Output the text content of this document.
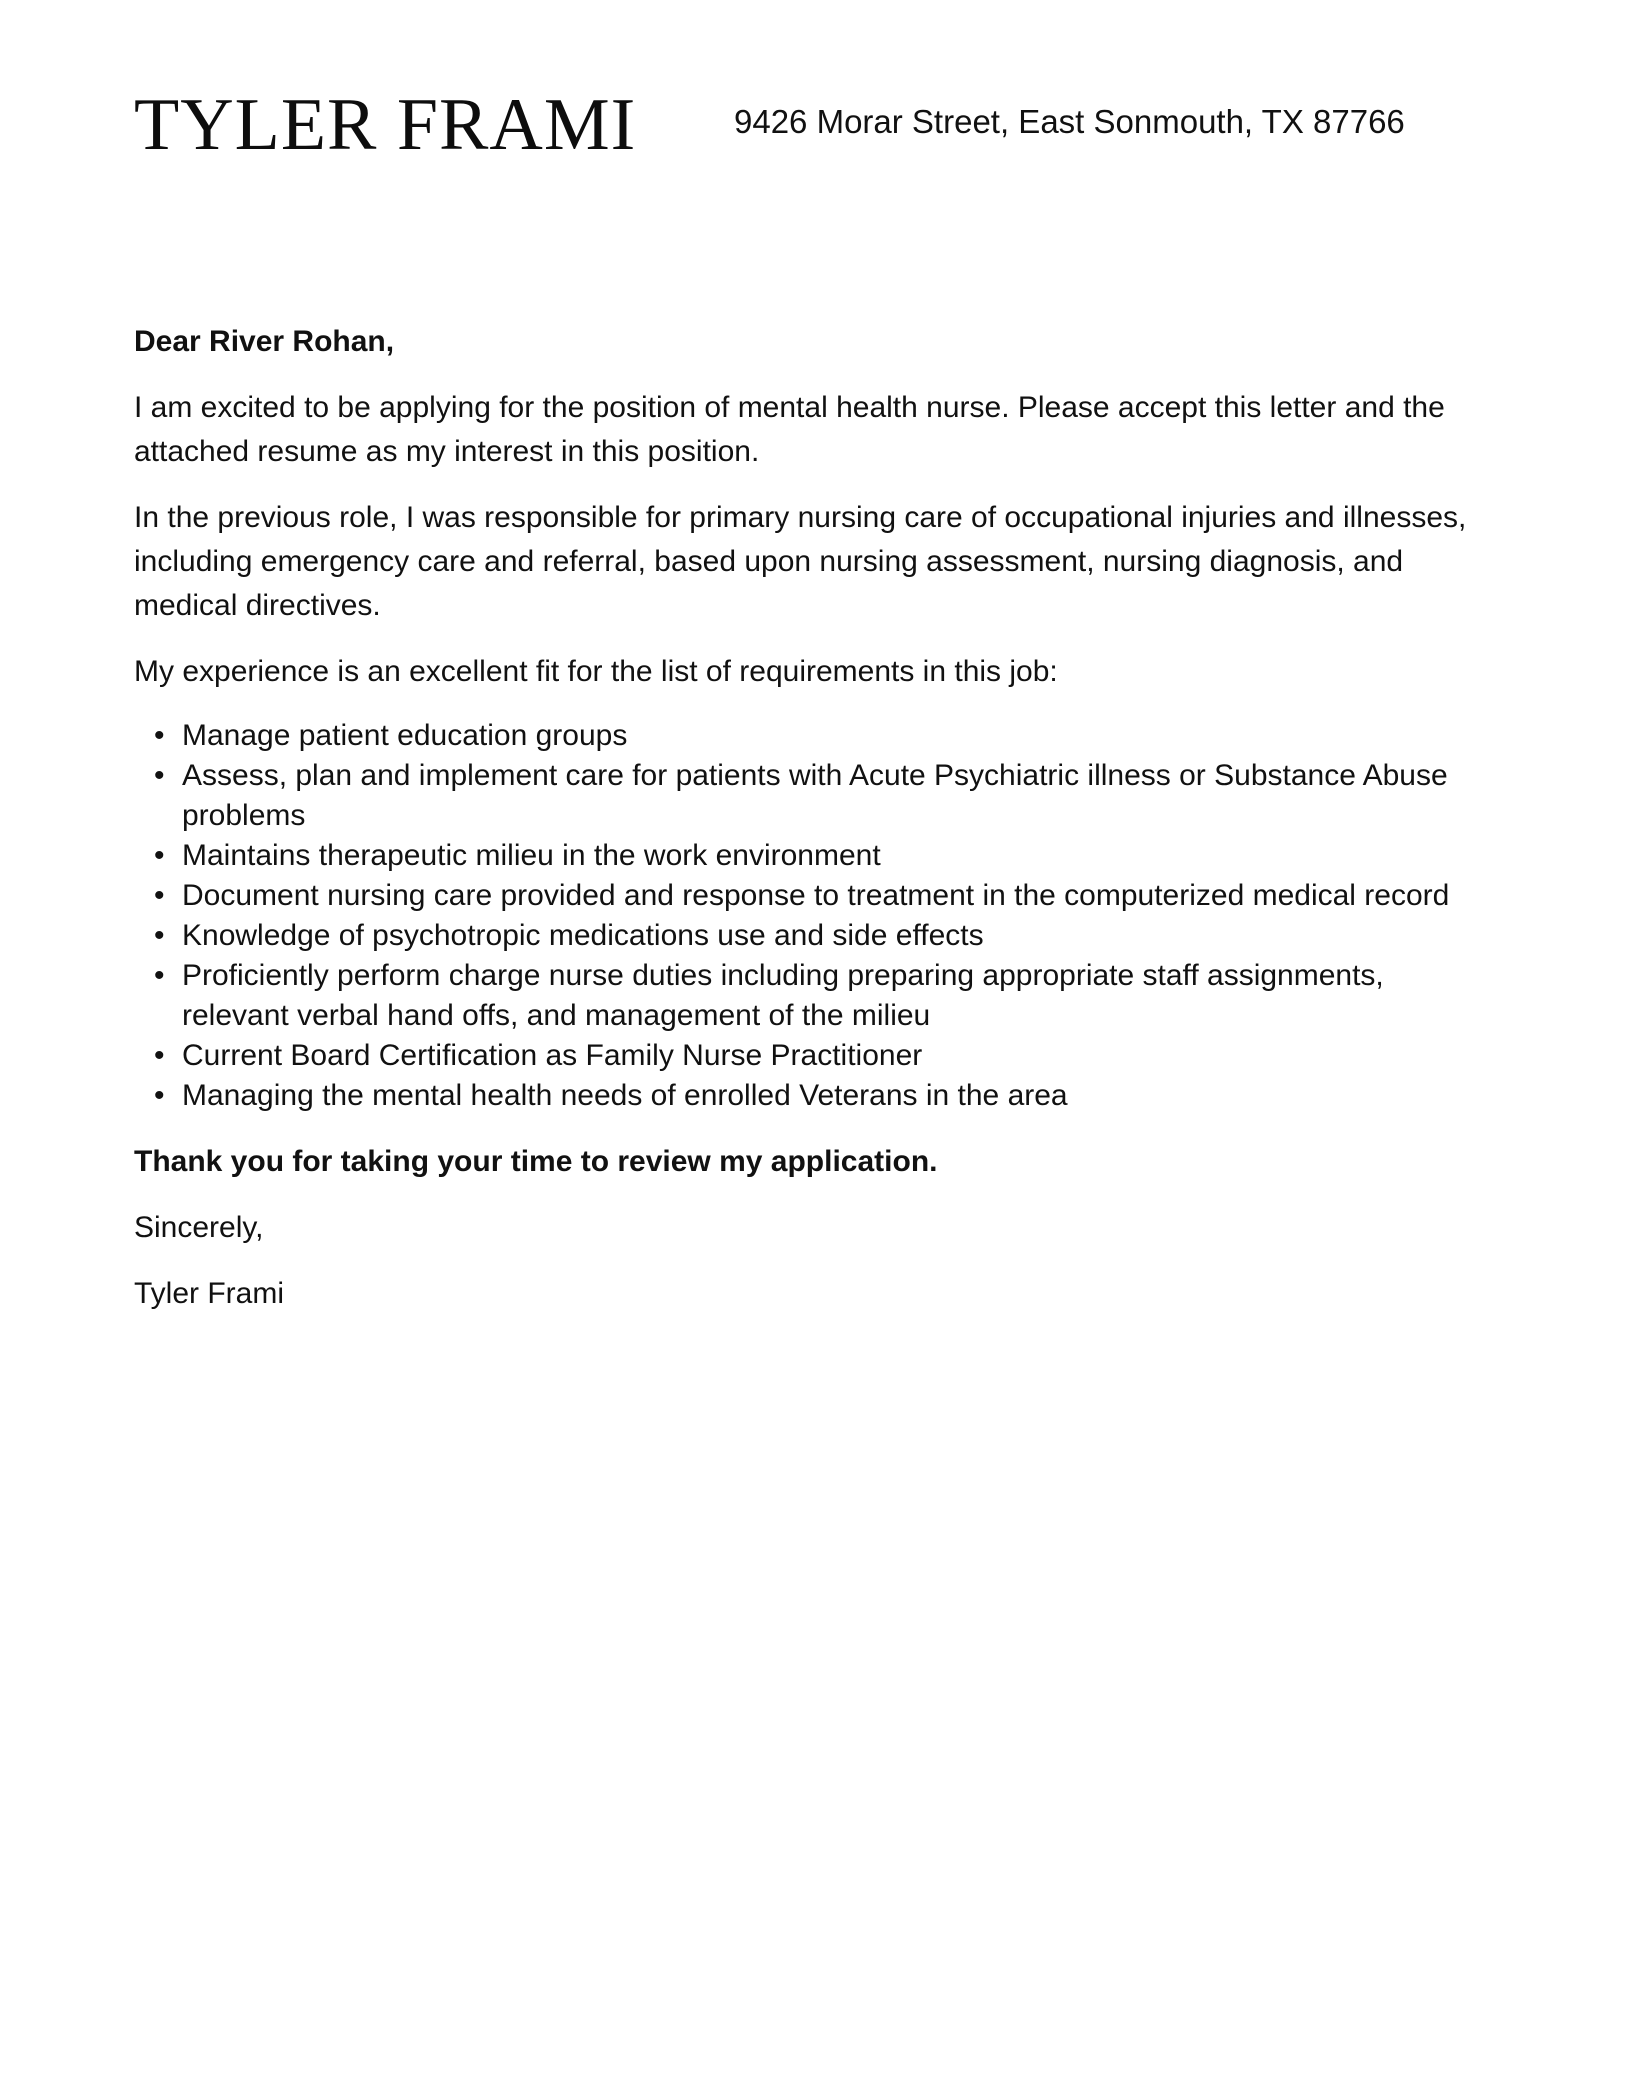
TYLER FRAMI	9426 Morar Street, East Sonmouth, TX 87766

Dear River Rohan,

I am excited to be applying for the position of mental health nurse. Please accept this letter and the attached resume as my interest in this position.

In the previous role, I was responsible for primary nursing care of occupational injuries and illnesses, including emergency care and referral, based upon nursing assessment, nursing diagnosis, and medical directives.

My experience is an excellent fit for the list of requirements in this job:

• Manage patient education groups
• Assess, plan and implement care for patients with Acute Psychiatric illness or Substance Abuse problems
• Maintains therapeutic milieu in the work environment
• Document nursing care provided and response to treatment in the computerized medical record
• Knowledge of psychotropic medications use and side effects
• Proficiently perform charge nurse duties including preparing appropriate staff assignments, relevant verbal hand offs, and management of the milieu
• Current Board Certification as Family Nurse Practitioner
• Managing the mental health needs of enrolled Veterans in the area

Thank you for taking your time to review my application.

Sincerely,

Tyler Frami
